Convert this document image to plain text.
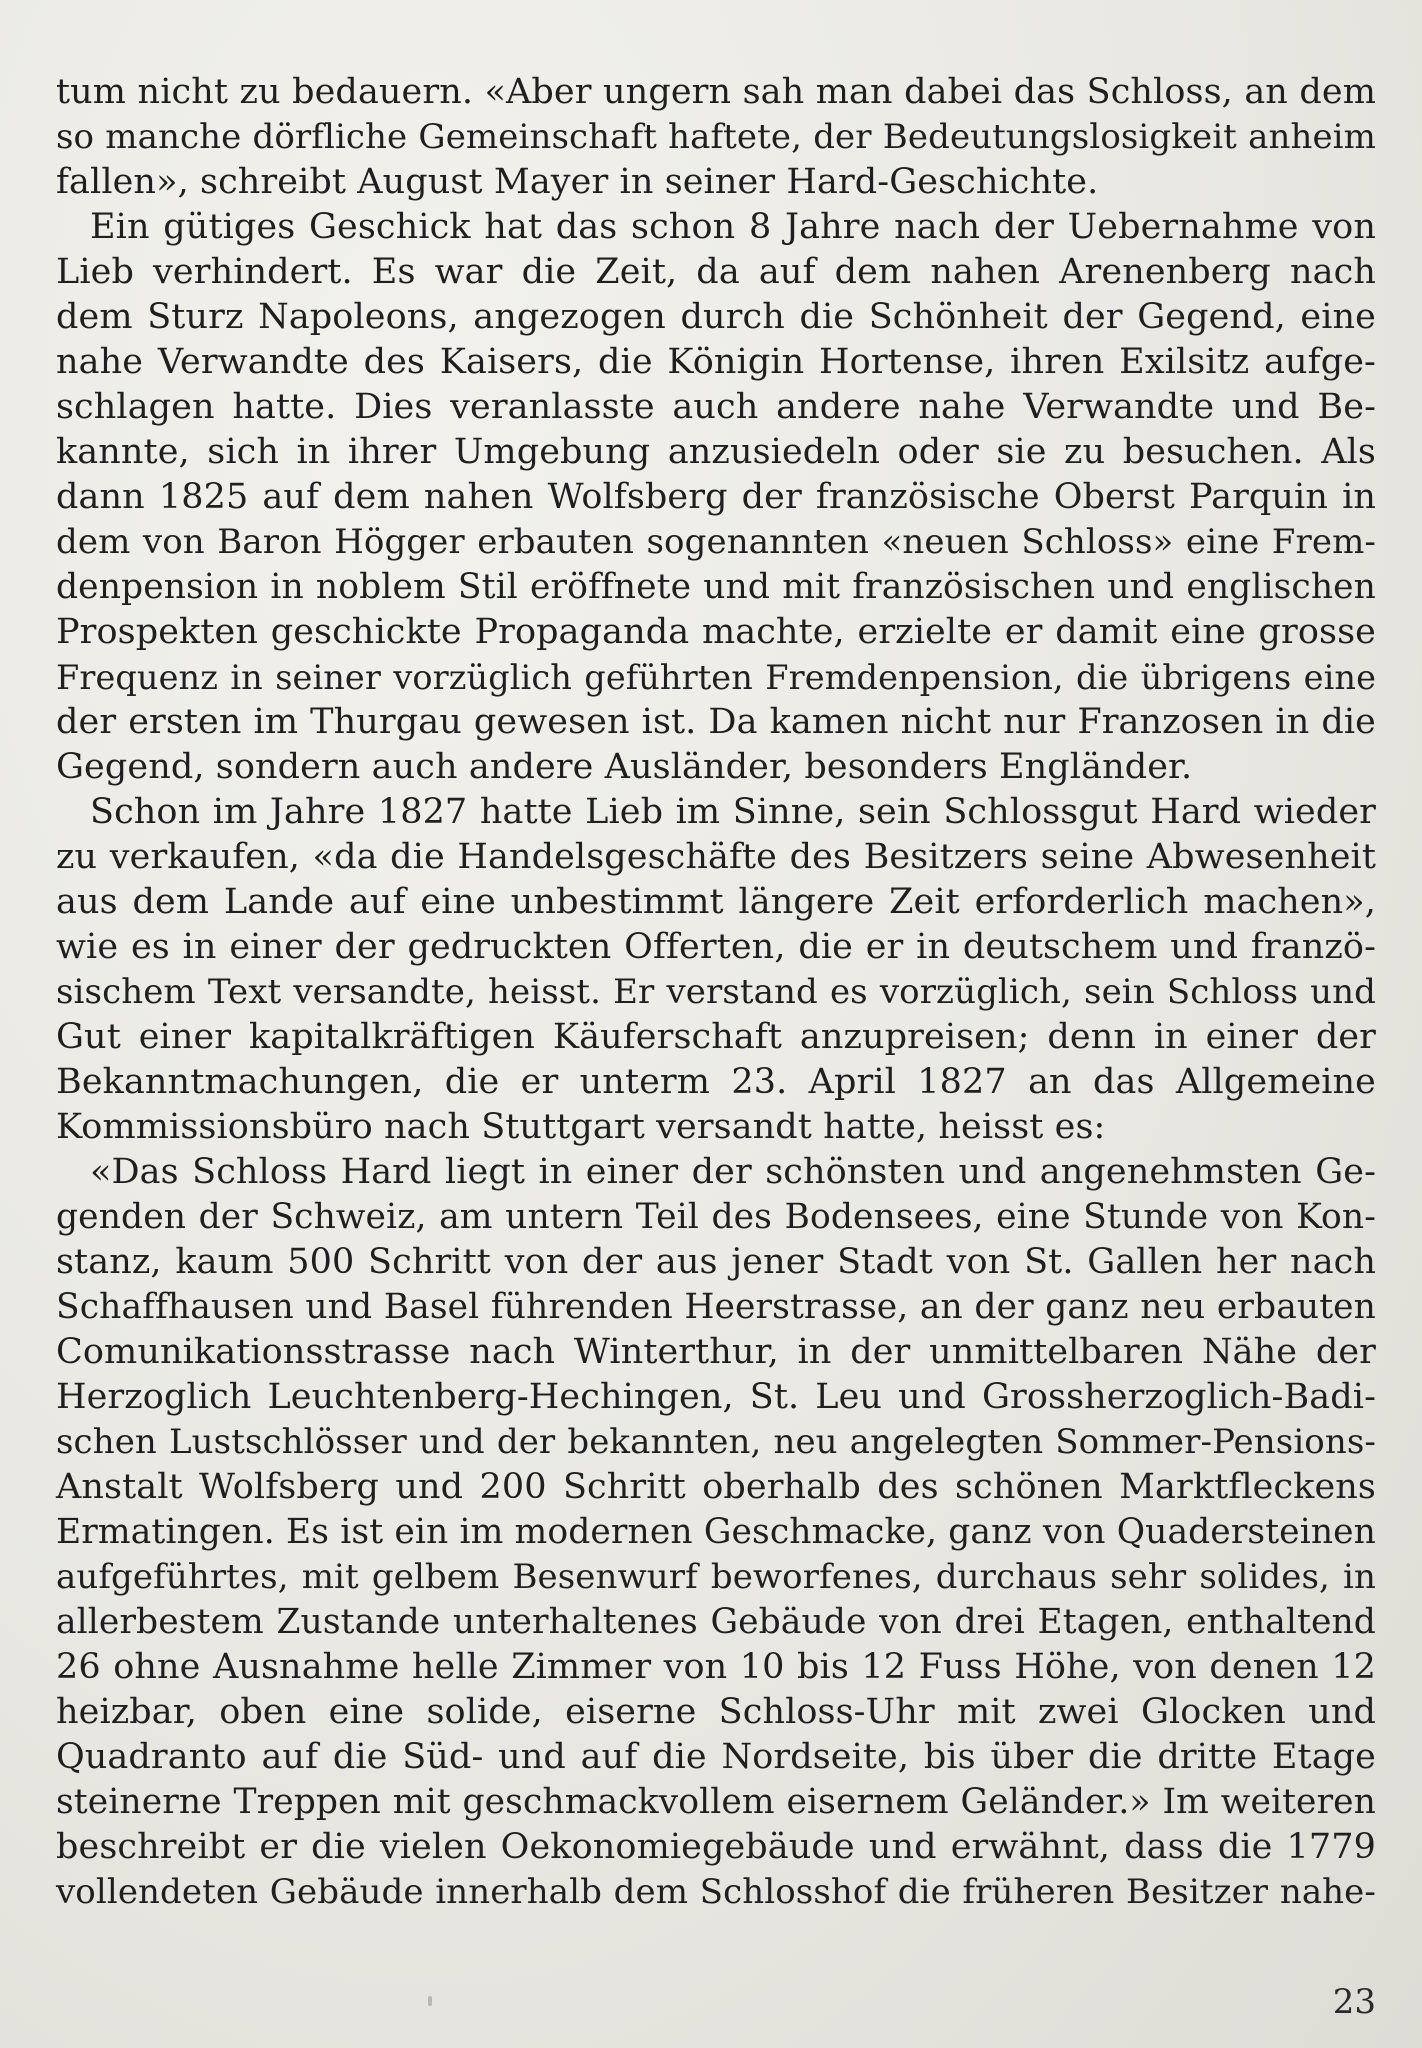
tum nicht zu bedauern. «Aber ungern sah man dabei das Schloss, an dem
so manche dörfliche Gemeinschaft haftete, der Bedeutungslosigkeit anheim
fallen», schreibt August Mayer in seiner Hard-Geschichte.
Ein gütiges Geschick hat das schon 8 Jahre nach der Uebernahme von
Lieb verhindert. Es war die Zeit, da auf dem nahen Arenenberg nach
dem Sturz Napoleons, angezogen durch die Schönheit der Gegend, eine
nahe Verwandte des Kaisers, die Königin Hortense, ihren Exilsitz aufge-
schlagen hatte. Dies veranlasste auch andere nahe Verwandte und Be-
kannte, sich in ihrer Umgebung anzusiedeln oder sie zu besuchen. Als
dann 1825 auf dem nahen Wolfsberg der französische Oberst Parquin in
dem von Baron Högger erbauten sogenannten «neuen Schloss» eine Frem-
denpension in noblem Stil eröffnete und mit französischen und englischen
Prospekten geschickte Propaganda machte, erzielte er damit eine grosse
Frequenz in seiner vorzüglich geführten Fremdenpension, die übrigens eine
der ersten im Thurgau gewesen ist. Da kamen nicht nur Franzosen in die
Gegend, sondern auch andere Ausländer, besonders Engländer.
Schon im Jahre 1827 hatte Lieb im Sinne, sein Schlossgut Hard wieder
zu verkaufen, «da die Handelsgeschäfte des Besitzers seine Abwesenheit
aus dem Lande auf eine unbestimmt längere Zeit erforderlich machen»,
wie es in einer der gedruckten Offerten, die er in deutschem und franzö-
sischem Text versandte, heisst. Er verstand es vorzüglich, sein Schloss und
Gut einer kapitalkräftigen Käuferschaft anzupreisen; denn in einer der
Bekanntmachungen, die er unterm 23. April 1827 an das Allgemeine
Kommissionsbüro nach Stuttgart versandt hatte, heisst es:
«Das Schloss Hard liegt in einer der schönsten und angenehmsten Ge-
genden der Schweiz, am untern Teil des Bodensees, eine Stunde von Kon-
stanz, kaum 500 Schritt von der aus jener Stadt von St. Gallen her nach
Schaffhausen und Basel führenden Heerstrasse, an der ganz neu erbauten
Comunikationsstrasse nach Winterthur, in der unmittelbaren Nähe der
Herzoglich Leuchtenberg-Hechingen, St. Leu und Grossherzoglich-Badi-
schen Lustschlösser und der bekannten, neu angelegten Sommer-Pensions-
Anstalt Wolfsberg und 200 Schritt oberhalb des schönen Marktfleckens
Ermatingen. Es ist ein im modernen Geschmacke, ganz von Quadersteinen
aufgeführtes, mit gelbem Besenwurf beworfenes, durchaus sehr solides, in
allerbestem Zustande unterhaltenes Gebäude von drei Etagen, enthaltend
26 ohne Ausnahme helle Zimmer von 10 bis 12 Fuss Höhe, von denen 12
heizbar, oben eine solide, eiserne Schloss-Uhr mit zwei Glocken und
Quadranto auf die Süd- und auf die Nordseite, bis über die dritte Etage
steinerne Treppen mit geschmackvollem eisernem Geländer.» Im weiteren
beschreibt er die vielen Oekonomiegebäude und erwähnt, dass die 1779
vollendeten Gebäude innerhalb dem Schlosshof die früheren Besitzer nahe-
23
